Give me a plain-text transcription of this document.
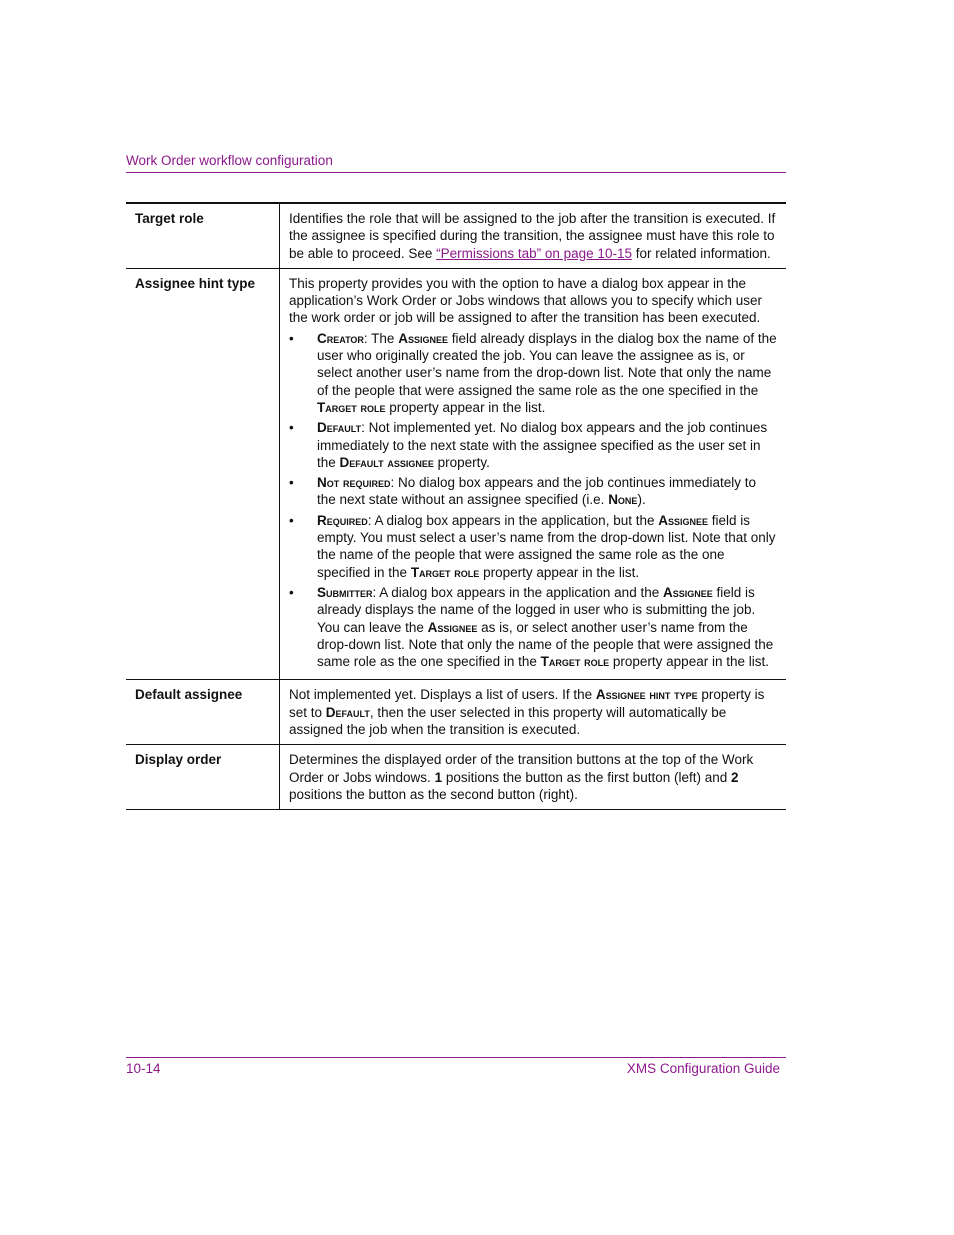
Work Order workflow configuration
Target role	Identifies the role that will be assigned to the job after the transition is executed. If the assignee is specified during the transition, the assignee must have this role to be able to proceed. See “Permissions tab” on page 10-15 for related information.

Assignee hint type	This property provides you with the option to have a dialog box appear in the application’s Work Order or Jobs windows that allows you to specify which user the work order or job will be assigned to after the transition has been executed.

• Creator: The Assignee field already displays in the dialog box the name of the user who originally created the job. You can leave the assignee as is, or select another user’s name from the drop-down list. Note that only the name of the people that were assigned the same role as the one specified in the Target role property appear in the list.
• Default: Not implemented yet. No dialog box appears and the job continues immediately to the next state with the assignee specified as the user set in the Default assignee property.
• Not required: No dialog box appears and the job continues immediately to the next state without an assignee specified (i.e. None).
• Required: A dialog box appears in the application, but the Assignee field is empty. You must select a user’s name from the drop-down list. Note that only the name of the people that were assigned the same role as the one specified in the Target role property appear in the list.
• Submitter: A dialog box appears in the application and the Assignee field is already displays the name of the logged in user who is submitting the job. You can leave the Assignee as is, or select another user’s name from the drop-down list. Note that only the name of the people that were assigned the same role as the one specified in the Target role property appear in the list.
Default assignee	Not implemented yet. Displays a list of users. If the Assignee hint type property is set to Default, then the user selected in this property will automatically be assigned the job when the transition is executed.

Display order	Determines the displayed order of the transition buttons at the top of the Work Order or Jobs windows. 1 positions the button as the first button (left) and 2 positions the button as the second button (right).

10-14	XMS Configuration Guide
